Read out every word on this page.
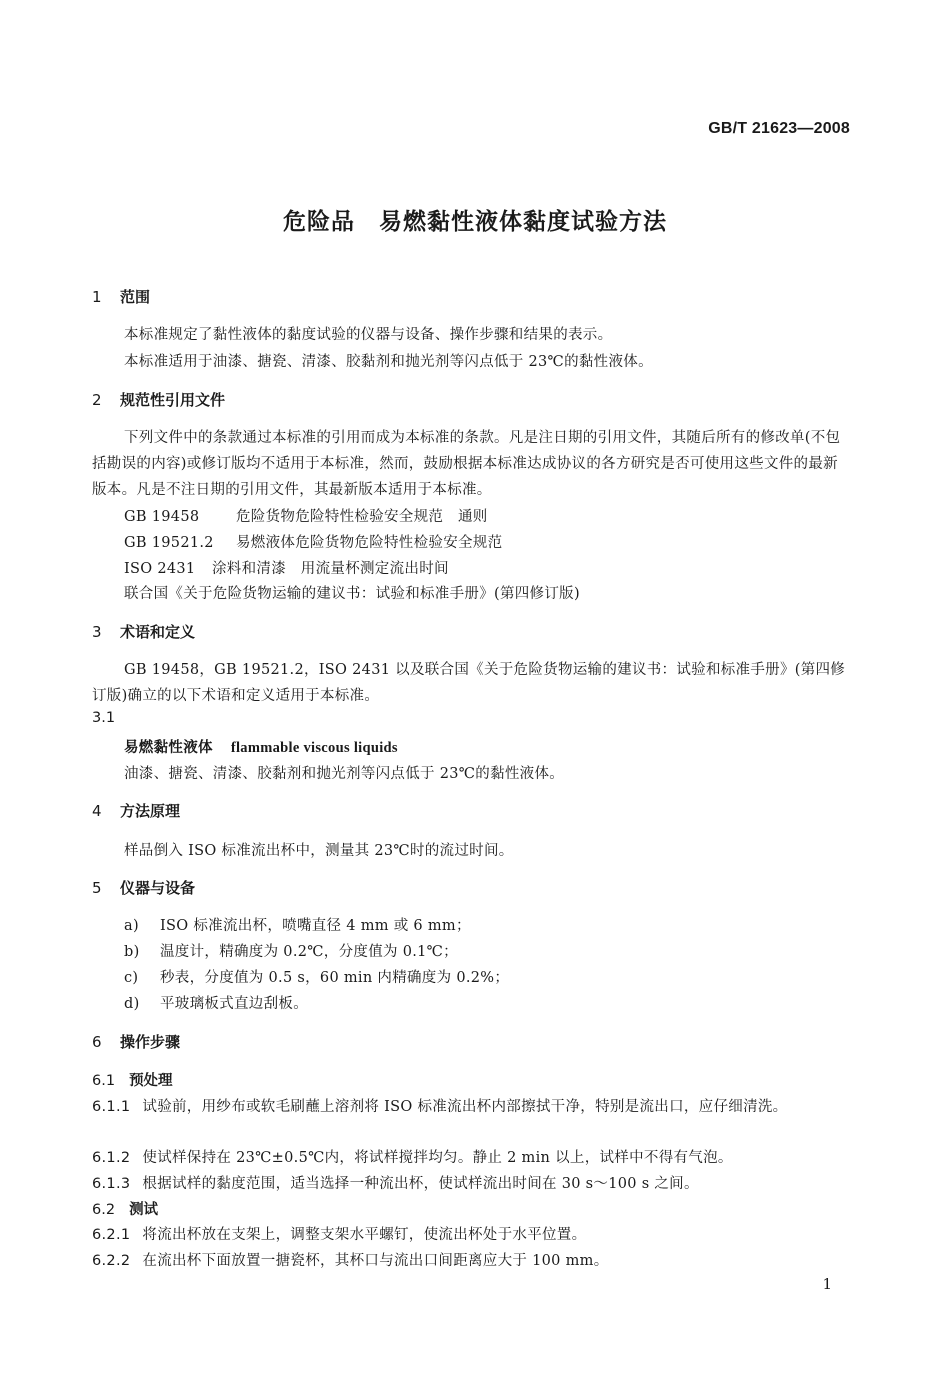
GB/T 21623—2008
危险品 易燃黏性液体黏度试验方法
1 范围
本标准规定了黏性液体的黏度试验的仪器与设备、操作步骤和结果的表示。
本标准适用于油漆、搪瓷、清漆、胶黏剂和抛光剂等闪点低于 23℃的黏性液体。
2 规范性引用文件
下列文件中的条款通过本标准的引用而成为本标准的条款。凡是注日期的引用文件，其随后所有的修改单(不包括勘误的内容)或修订版均不适用于本标准，然而，鼓励根据本标准达成协议的各方研究是否可使用这些文件的最新版本。凡是不注日期的引用文件，其最新版本适用于本标准。
GB 19458	危险货物危险特性检验安全规范　通则
GB 19521.2 易燃液体危险货物危险特性检验安全规范
ISO 2431 涂料和清漆　用流量杯测定流出时间
联合国《关于危险货物运输的建议书：试验和标准手册》(第四修订版)
3 术语和定义
GB 19458，GB 19521.2，ISO 2431 以及联合国《关于危险货物运输的建议书：试验和标准手册》(第四修订版)确立的以下术语和定义适用于本标准。
3.1
易燃黏性液体 flammable viscous liquids
油漆、搪瓷、清漆、胶黏剂和抛光剂等闪点低于 23℃的黏性液体。
4 方法原理
样品倒入 ISO 标准流出杯中，测量其 23℃时的流过时间。
5 仪器与设备
a) ISO 标准流出杯，喷嘴直径 4 mm 或 6 mm；
b) 温度计，精确度为 0.2℃，分度值为 0.1℃；
c) 秒表，分度值为 0.5 s，60 min 内精确度为 0.2%；
d) 平玻璃板式直边刮板。
6 操作步骤
6.1 预处理
6.1.1 试验前，用纱布或软毛刷蘸上溶剂将 ISO 标准流出杯内部擦拭干净，特别是流出口，应仔细清洗。
6.1.2 使试样保持在 23℃±0.5℃内，将试样搅拌均匀。静止 2 min 以上，试样中不得有气泡。
6.1.3 根据试样的黏度范围，适当选择一种流出杯，使试样流出时间在 30 s～100 s 之间。
6.2 测试
6.2.1 将流出杯放在支架上，调整支架水平螺钉，使流出杯处于水平位置。
6.2.2 在流出杯下面放置一搪瓷杯，其杯口与流出口间距离应大于 100 mm。
1
